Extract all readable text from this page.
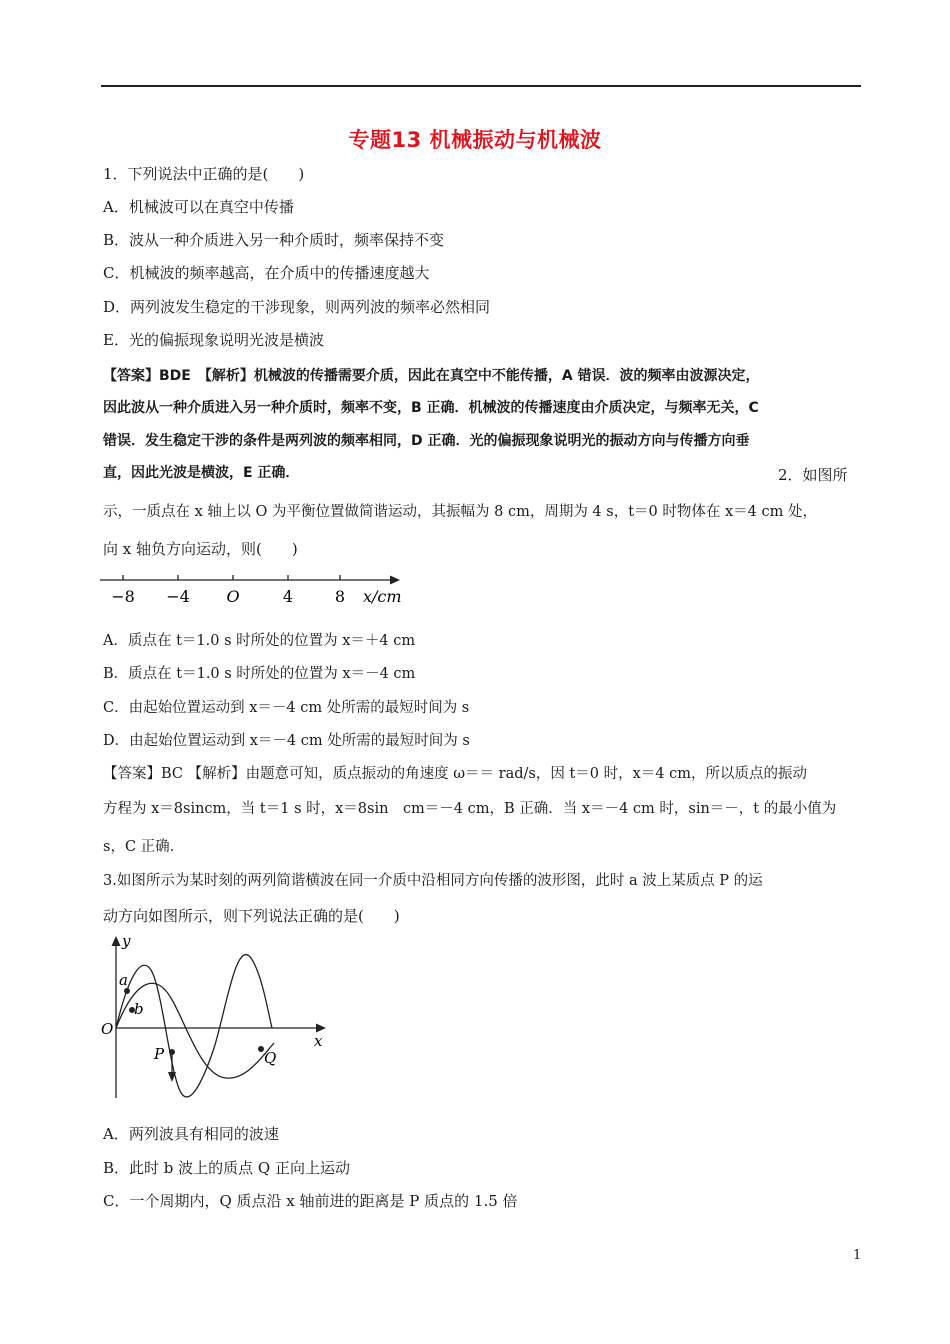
专题13 机械振动与机械波
1．下列说法中正确的是(　　)
A．机械波可以在真空中传播
B．波从一种介质进入另一种介质时，频率保持不变
C．机械波的频率越高，在介质中的传播速度越大
D．两列波发生稳定的干涉现象，则两列波的频率必然相同
E．光的偏振现象说明光波是横波
【答案】BDE　【解析】机械波的传播需要介质，因此在真空中不能传播，A 错误．波的频率由波源决定，
因此波从一种介质进入另一种介质时，频率不变，B 正确．机械波的传播速度由介质决定，与频率无关，C
错误．发生稳定干涉的条件是两列波的频率相同，D 正确．光的偏振现象说明光的振动方向与传播方向垂
直，因此光波是横波，E 正确．	2．如图所
示，一质点在 x 轴上以 O 为平衡位置做简谐运动，其振幅为 8 cm，周期为 4 s，t＝0 时物体在 x＝4 cm 处，
向 x 轴负方向运动，则(　　)
−8 −4 O	4	8 x/cm
A．质点在 t＝1.0 s 时所处的位置为 x＝＋4 cm
B．质点在 t＝1.0 s 时所处的位置为 x＝－4 cm
C．由起始位置运动到 x＝－4 cm 处所需的最短时间为 s
D．由起始位置运动到 x＝－4 cm 处所需的最短时间为 s
【答案】BC 【解析】由题意可知，质点振动的角速度 ω＝＝ rad/s，因 t＝0 时，x＝4 cm，所以质点的振动
方程为 x＝8sincm，当 t＝1 s 时，x＝8sin　cm＝－4 cm，B 正确．当 x＝－4 cm 时，sin＝－，t 的最小值为
s，C 正确.
3.如图所示为某时刻的两列简谐横波在同一介质中沿相同方向传播的波形图，此时 a 波上某质点 P 的运
动方向如图所示，则下列说法正确的是(　　)
y
x
O
a
b
P	Q
A．两列波具有相同的波速
B．此时 b 波上的质点 Q 正向上运动
C．一个周期内，Q 质点沿 x 轴前进的距离是 P 质点的 1.5 倍
1
